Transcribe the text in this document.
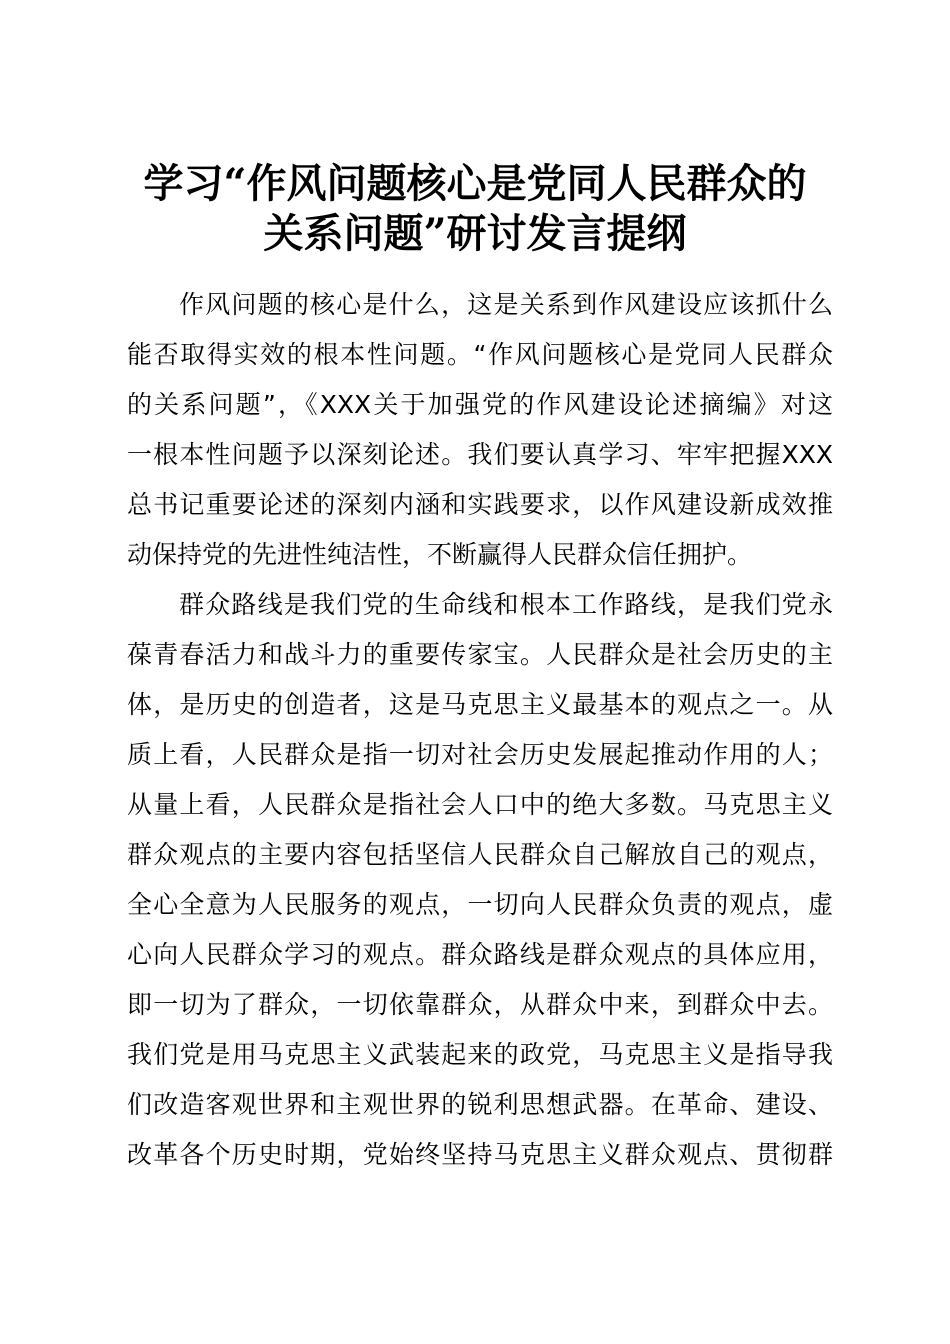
学习“作风问题核心是党同人民群众的
关系问题”研讨发言提纲
作风问题的核心是什么，这是关系到作风建设应该抓什么
能否取得实效的根本性问题。“作风问题核心是党同人民群众
的关系问题”，《XXX关于加强党的作风建设论述摘编》对这
一根本性问题予以深刻论述。我们要认真学习、牢牢把握XXX
总书记重要论述的深刻内涵和实践要求，以作风建设新成效推
动保持党的先进性纯洁性，不断赢得人民群众信任拥护。
群众路线是我们党的生命线和根本工作路线，是我们党永
葆青春活力和战斗力的重要传家宝。人民群众是社会历史的主
体，是历史的创造者，这是马克思主义最基本的观点之一。从
质上看，人民群众是指一切对社会历史发展起推动作用的人；
从量上看，人民群众是指社会人口中的绝大多数。马克思主义
群众观点的主要内容包括坚信人民群众自己解放自己的观点，
全心全意为人民服务的观点，一切向人民群众负责的观点，虚
心向人民群众学习的观点。群众路线是群众观点的具体应用，
即一切为了群众，一切依靠群众，从群众中来，到群众中去。
我们党是用马克思主义武装起来的政党，马克思主义是指导我
们改造客观世界和主观世界的锐利思想武器。在革命、建设、
改革各个历史时期，党始终坚持马克思主义群众观点、贯彻群
